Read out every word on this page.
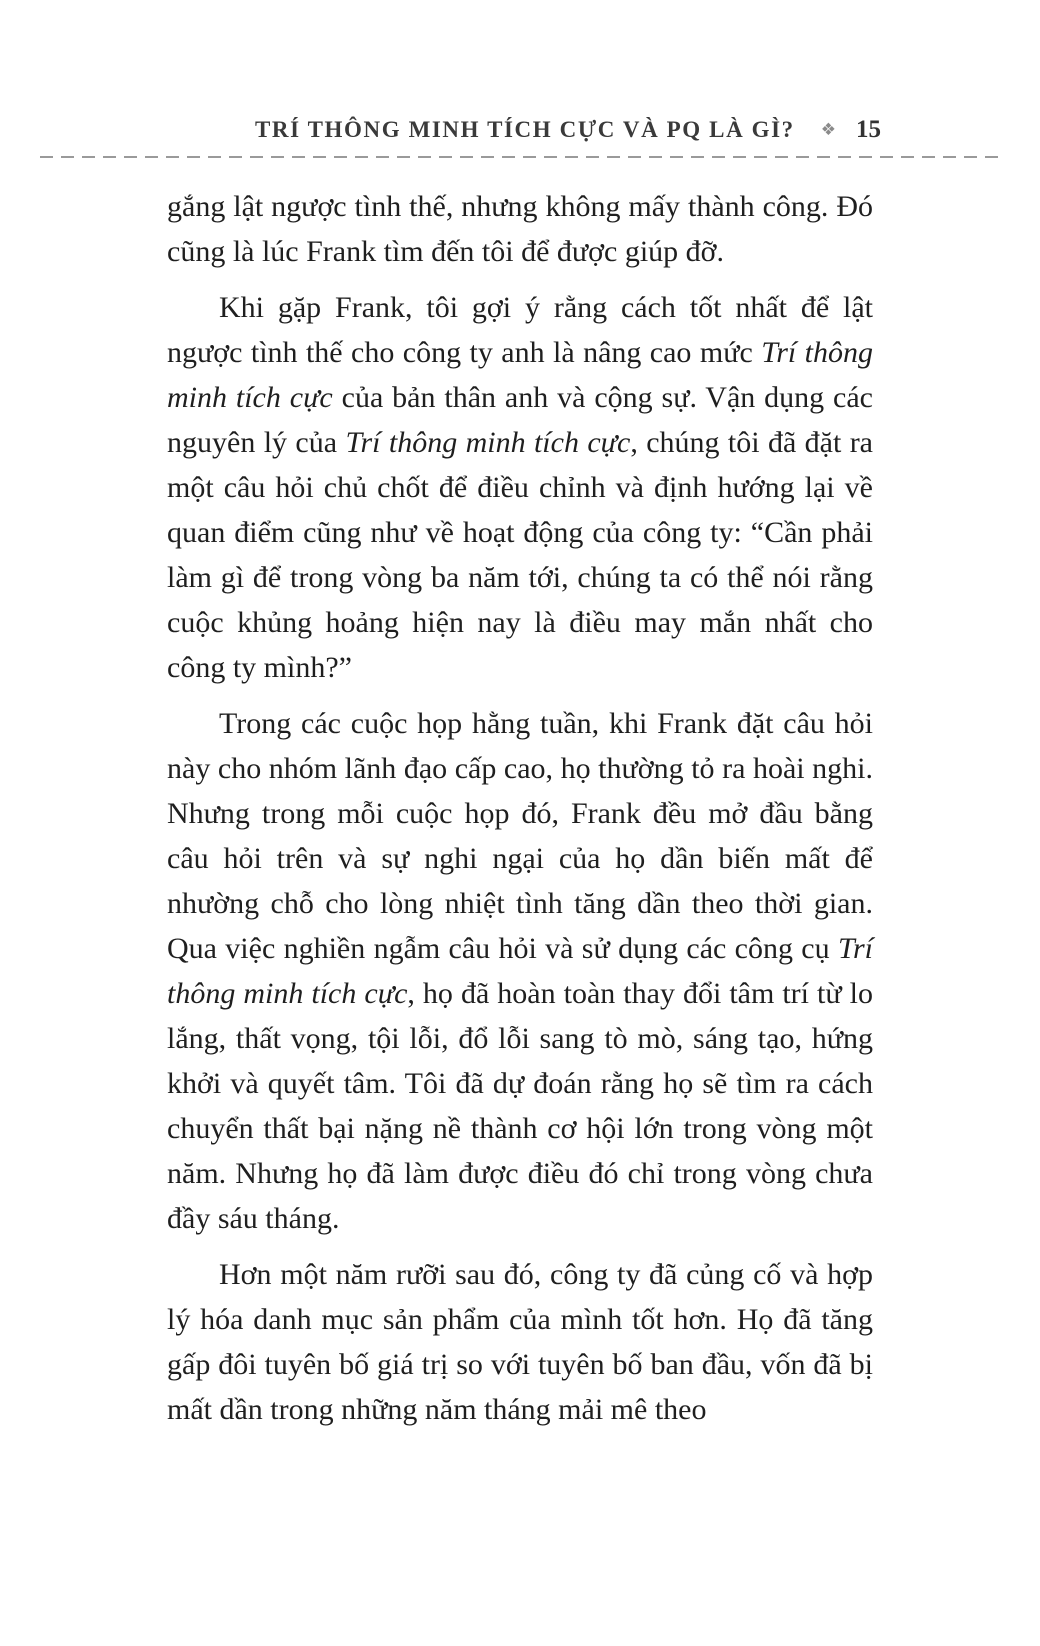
TRÍ THÔNG MINH TÍCH CỰC VÀ PQ LÀ GÌ? ❖ 15

gắng lật ngược tình thế, nhưng không mấy thành công. Đó cũng là lúc Frank tìm đến tôi để được giúp đỡ.

Khi gặp Frank, tôi gợi ý rằng cách tốt nhất để lật ngược tình thế cho công ty anh là nâng cao mức Trí thông minh tích cực của bản thân anh và cộng sự. Vận dụng các nguyên lý của Trí thông minh tích cực, chúng tôi đã đặt ra một câu hỏi chủ chốt để điều chỉnh và định hướng lại về quan điểm cũng như về hoạt động của công ty: “Cần phải làm gì để trong vòng ba năm tới, chúng ta có thể nói rằng cuộc khủng hoảng hiện nay là điều may mắn nhất cho công ty mình?”

Trong các cuộc họp hằng tuần, khi Frank đặt câu hỏi này cho nhóm lãnh đạo cấp cao, họ thường tỏ ra hoài nghi. Nhưng trong mỗi cuộc họp đó, Frank đều mở đầu bằng câu hỏi trên và sự nghi ngại của họ dần biến mất để nhường chỗ cho lòng nhiệt tình tăng dần theo thời gian. Qua việc nghiền ngẫm câu hỏi và sử dụng các công cụ Trí thông minh tích cực, họ đã hoàn toàn thay đổi tâm trí từ lo lắng, thất vọng, tội lỗi, đổ lỗi sang tò mò, sáng tạo, hứng khởi và quyết tâm. Tôi đã dự đoán rằng họ sẽ tìm ra cách chuyển thất bại nặng nề thành cơ hội lớn trong vòng một năm. Nhưng họ đã làm được điều đó chỉ trong vòng chưa đầy sáu tháng.

Hơn một năm rưỡi sau đó, công ty đã củng cố và hợp lý hóa danh mục sản phẩm của mình tốt hơn. Họ đã tăng gấp đôi tuyên bố giá trị so với tuyên bố ban đầu, vốn đã bị mất dần trong những năm tháng mải mê theo
